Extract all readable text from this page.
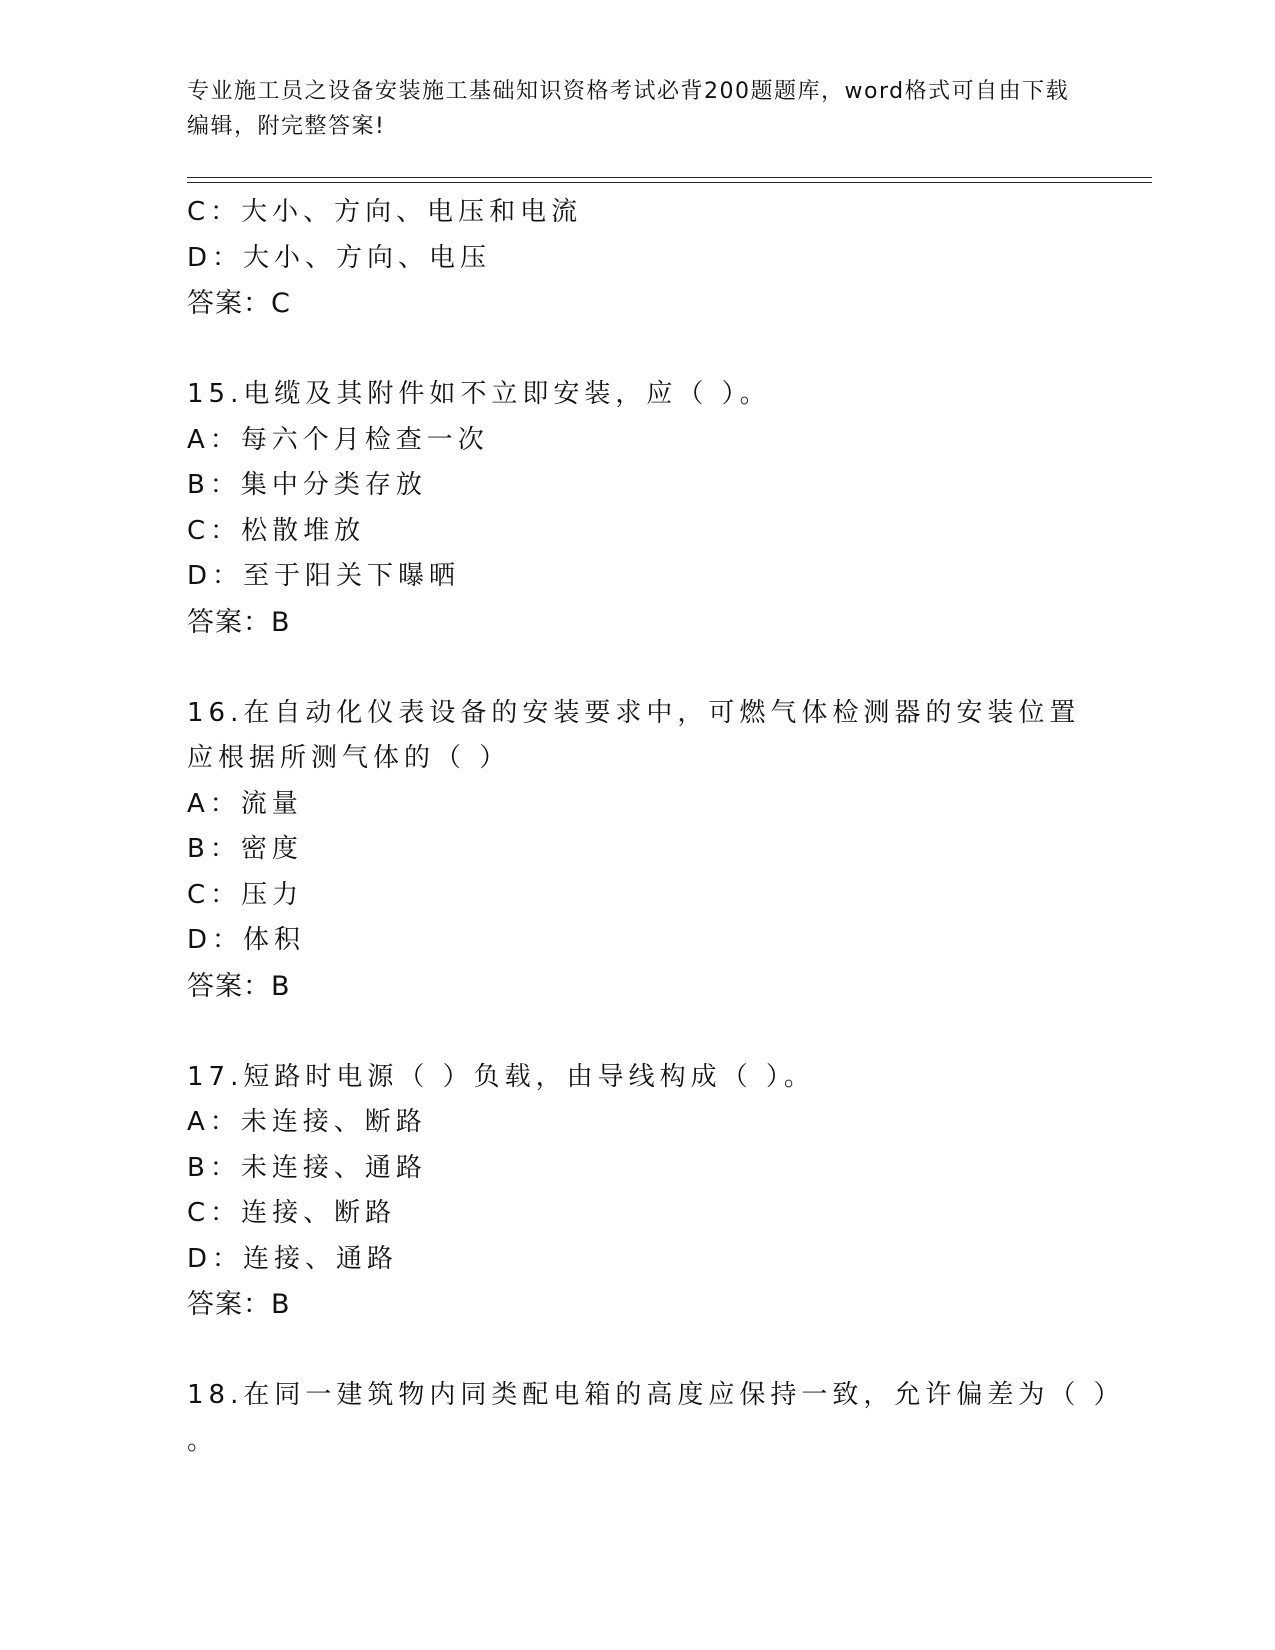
专业施工员之设备安装施工基础知识资格考试必背200题题库，word格式可自由下载编辑，附完整答案!
C：大小、方向、电压和电流
D：大小、方向、电压
答案：C
15.电缆及其附件如不立即安装，应（ ）。
A：每六个月检查一次
B：集中分类存放
C：松散堆放
D：至于阳关下曝晒
答案：B
16.在自动化仪表设备的安装要求中，可燃气体检测器的安装位置应根据所测气体的（ ）
A：流量
B：密度
C：压力
D：体积
答案：B
17.短路时电源（ ）负载，由导线构成（ ）。
A：未连接、断路
B：未连接、通路
C：连接、断路
D：连接、通路
答案：B
18.在同一建筑物内同类配电箱的高度应保持一致，允许偏差为（ ）
。
